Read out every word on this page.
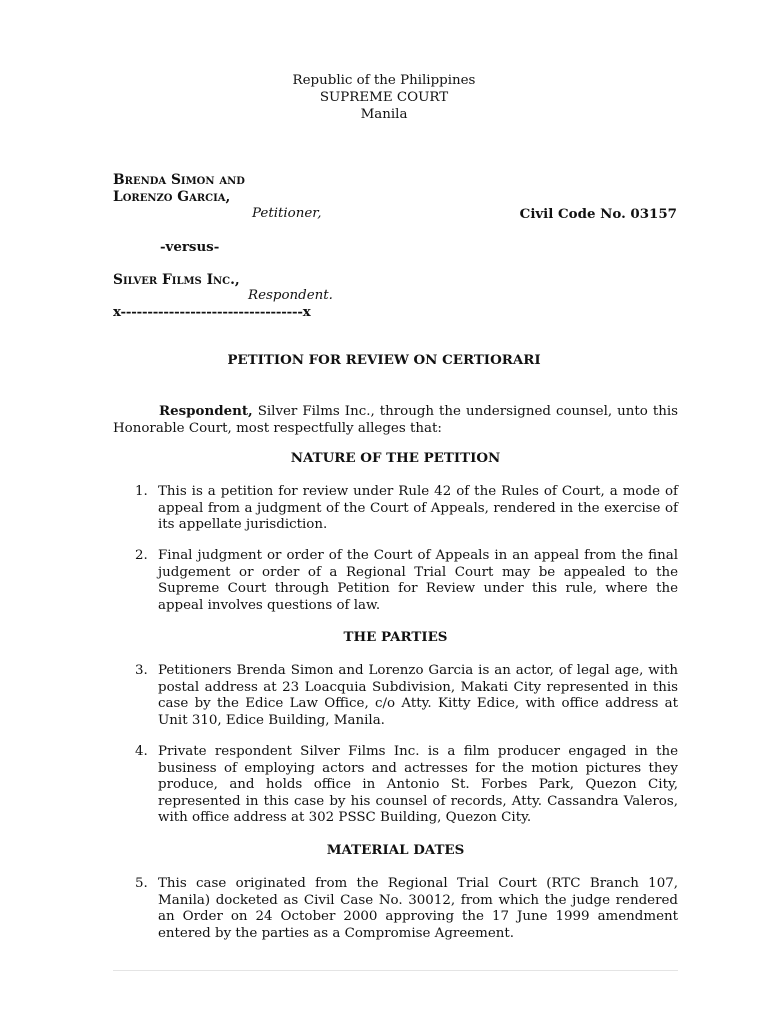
Republic of the Philippines
SUPREME COURT
Manila
Brenda Simon and
Lorenzo Garcia,
Petitioner,	Civil Code No. 03157
-versus-
Silver Films Inc.,
Respondent.
x----------------------------------x
PETITION FOR REVIEW ON CERTIORARI
Respondent, Silver Films Inc., through the undersigned counsel, unto this Honorable Court, most respectfully alleges that:
NATURE OF THE PETITION
1. This is a petition for review under Rule 42 of the Rules of Court, a mode of appeal from a judgment of the Court of Appeals, rendered in the exercise of its appellate jurisdiction.
2. Final judgment or order of the Court of Appeals in an appeal from the final judgement or order of a Regional Trial Court may be appealed to the Supreme Court through Petition for Review under this rule, where the appeal involves questions of law.
THE PARTIES
3. Petitioners Brenda Simon and Lorenzo Garcia is an actor, of legal age, with postal address at 23 Loacquia Subdivision, Makati City represented in this case by the Edice Law Office, c/o Atty. Kitty Edice, with office address at Unit 310, Edice Building, Manila.
4. Private respondent Silver Films Inc. is a film producer engaged in the business of employing actors and actresses for the motion pictures they produce, and holds office in Antonio St. Forbes Park, Quezon City, represented in this case by his counsel of records, Atty. Cassandra Valeros, with office address at 302 PSSC Building, Quezon City.
MATERIAL DATES
5. This case originated from the Regional Trial Court (RTC Branch 107, Manila) docketed as Civil Case No. 30012, from which the judge rendered an Order on 24 October 2000 approving the 17 June 1999 amendment entered by the parties as a Compromise Agreement.
